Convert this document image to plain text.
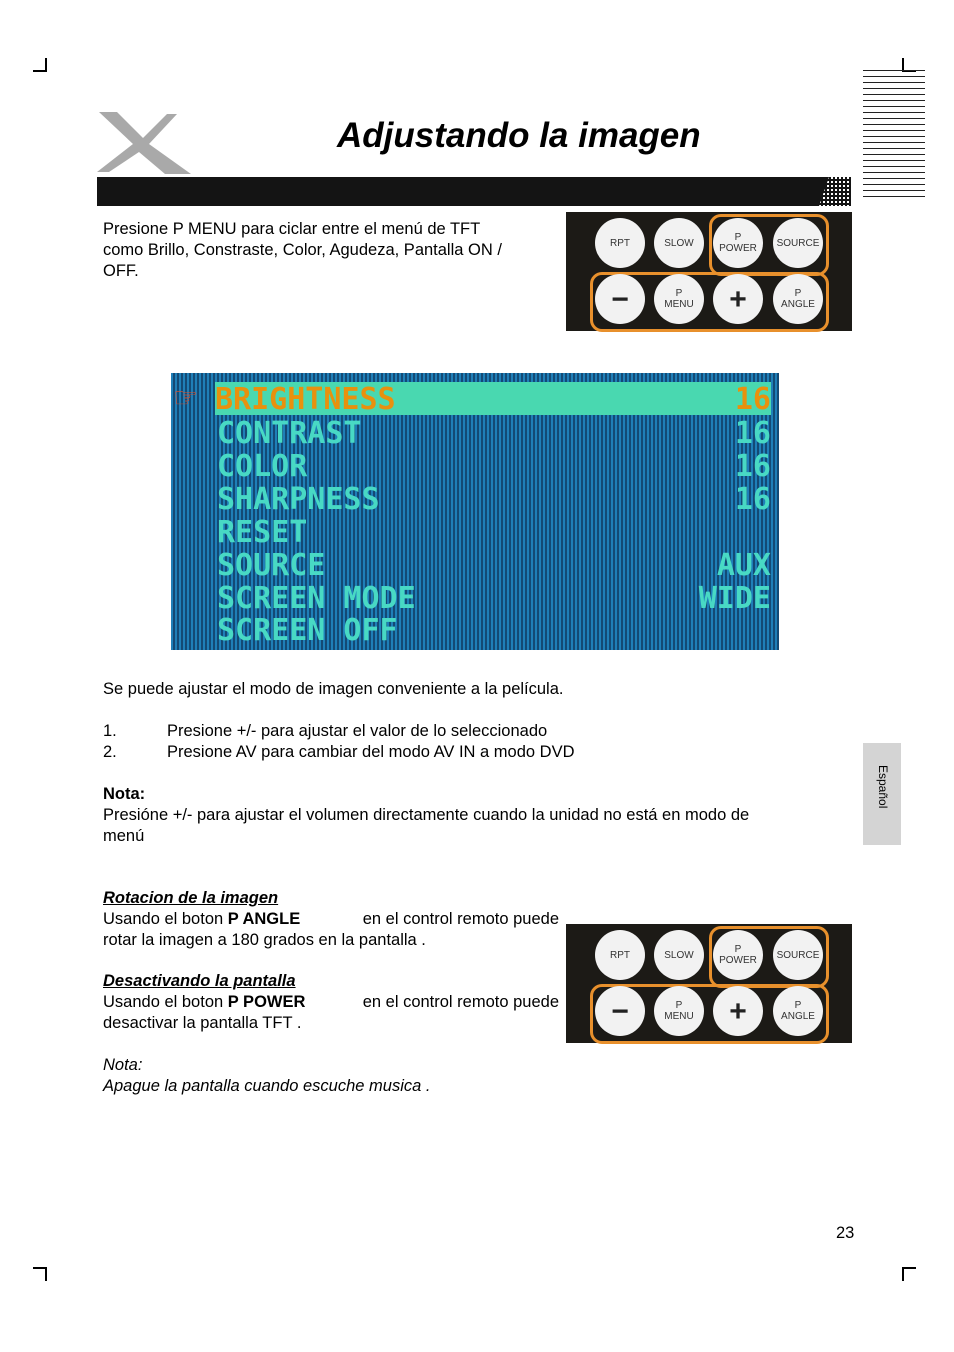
Adjustando la imagen
Presione P MENU para ciclar entre el menú de TFT
como Brillo, Constraste, Color, Agudeza, Pantalla ON /
OFF.
RPT	SLOW	P
POWER	SOURCE
−	P
MENU	+	P
ANGLE
☞ BRIGHTNESS	16
CONTRAST	16
COLOR	16
SHARPNESS	16
RESET
SOURCE	AUX
SCREEN MODE	WIDE
SCREEN OFF
Se puede ajustar el modo de imagen conveniente a la película.
1.	Presione +/- para ajustar el valor de lo seleccionado
2.	Presione AV para cambiar del modo AV IN a modo DVD
Nota:
Presióne +/- para ajustar el volumen directamente cuando la unidad no está en modo de
menú
Rotacion de la imagen
Usando el boton P ANGLE	en el control remoto puede
rotar la imagen a 180 grados en la pantalla .
Desactivando la pantalla
Usando el boton P POWER	en el control remoto puede
desactivar la pantalla TFT .
Nota:
Apague la pantalla cuando escuche musica .
RPT	SLOW	P
POWER	SOURCE
−	P
MENU	+	P
ANGLE
Español
23
